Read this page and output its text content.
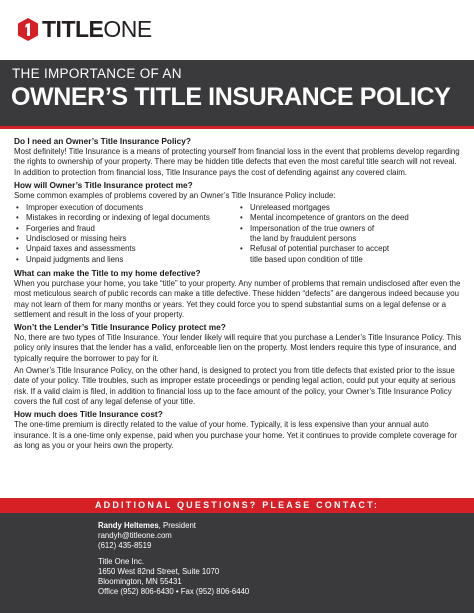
TITLEONE
THE IMPORTANCE OF AN
OWNER’S TITLE INSURANCE POLICY
Do I need an Owner’s Title Insurance Policy?

Most definitely! Title Insurance is a means of protecting yourself from financial loss in the event that problems develop regarding the rights to ownership of your property. There may be hidden title defects that even the most careful title search will not reveal. In addition to protection from financial loss, Title Insurance pays the cost of defending against any covered claim.

How will Owner’s Title Insurance protect me?

Some common examples of problems covered by an Owner’s Title Insurance Policy include:

• Improper execution of documents
• Mistakes in recording or indexing of legal documents
• Forgeries and fraud
• Undisclosed or missing heirs
• Unpaid taxes and assessments
• Unpaid judgments and liens
• Unreleased mortgages
• Mental incompetence of grantors on the deed
• Impersonation of the true owners of
the land by fraudulent persons
• Refusal of potential purchaser to accept
title based upon condition of title
What can make the Title to my home defective?

When you purchase your home, you take “title” to your property. Any number of problems that remain undisclosed after even the most meticulous search of public records can make a title defective. These hidden “defects” are dangerous indeed because you may not learn of them for many months or years. Yet they could force you to spend substantial sums on a legal defense or a settlement and result in the loss of your property.

Won’t the Lender’s Title Insurance Policy protect me?

No, there are two types of Title Insurance. Your lender likely will require that you purchase a Lender’s Title Insurance Policy. This policy only insures that the lender has a valid, enforceable lien on the property. Most lenders require this type of insurance, and typically require the borrower to pay for it.

An Owner’s Title Insurance Policy, on the other hand, is designed to protect you from title defects that existed prior to the issue date of your policy. Title troubles, such as improper estate proceedings or pending legal action, could put your equity at serious risk. If a valid claim is filed, in addition to financial loss up to the face amount of the policy, your Owner’s Title Insurance Policy covers the full cost of any legal defense of your title.

How much does Title Insurance cost?

The one-time premium is directly related to the value of your home. Typically, it is less expensive than your annual auto insurance. It is a one-time only expense, paid when you purchase your home. Yet it continues to provide complete coverage for as long as you or your heirs own the property.

ADDITIONAL QUESTIONS? PLEASE CONTACT:
Randy Heltemes, President
randyh@titleone.com
(612) 435-8519
Title One Inc.
1650 West 82nd Street, Suite 1070
Bloomington, MN 55431
Office (952) 806-6430 • Fax (952) 806-6440
